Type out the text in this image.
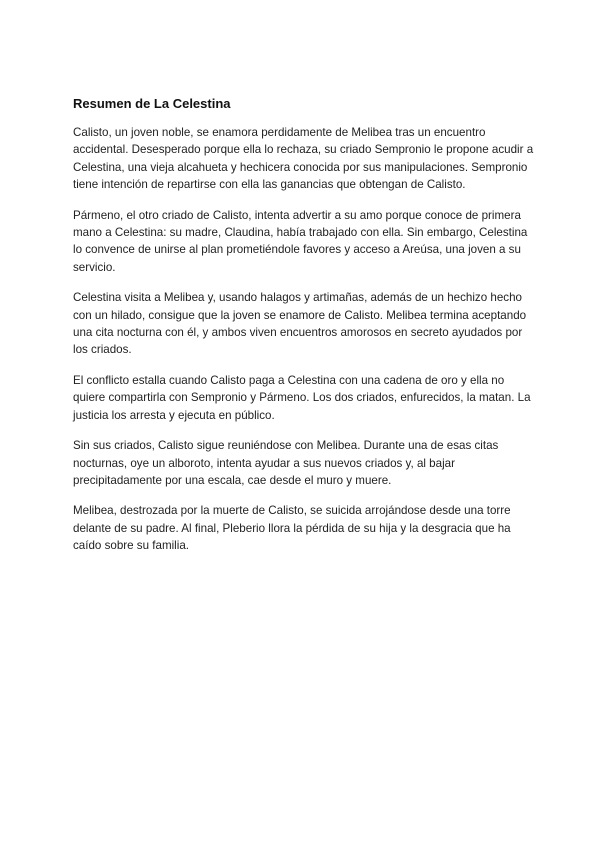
Resumen de La Celestina

Calisto, un joven noble, se enamora perdidamente de Melibea tras un encuentro accidental. Desesperado porque ella lo rechaza, su criado Sempronio le propone acudir a Celestina, una vieja alcahueta y hechicera conocida por sus manipulaciones. Sempronio tiene intención de repartirse con ella las ganancias que obtengan de Calisto.

Pármeno, el otro criado de Calisto, intenta advertir a su amo porque conoce de primera mano a Celestina: su madre, Claudina, había trabajado con ella. Sin embargo, Celestina lo convence de unirse al plan prometiéndole favores y acceso a Areúsa, una joven a su servicio.

Celestina visita a Melibea y, usando halagos y artimañas, además de un hechizo hecho con un hilado, consigue que la joven se enamore de Calisto. Melibea termina aceptando una cita nocturna con él, y ambos viven encuentros amorosos en secreto ayudados por los criados.

El conflicto estalla cuando Calisto paga a Celestina con una cadena de oro y ella no quiere compartirla con Sempronio y Pármeno. Los dos criados, enfurecidos, la matan. La justicia los arresta y ejecuta en público.

Sin sus criados, Calisto sigue reuniéndose con Melibea. Durante una de esas citas nocturnas, oye un alboroto, intenta ayudar a sus nuevos criados y, al bajar precipitadamente por una escala, cae desde el muro y muere.

Melibea, destrozada por la muerte de Calisto, se suicida arrojándose desde una torre delante de su padre. Al final, Pleberio llora la pérdida de su hija y la desgracia que ha caído sobre su familia.
